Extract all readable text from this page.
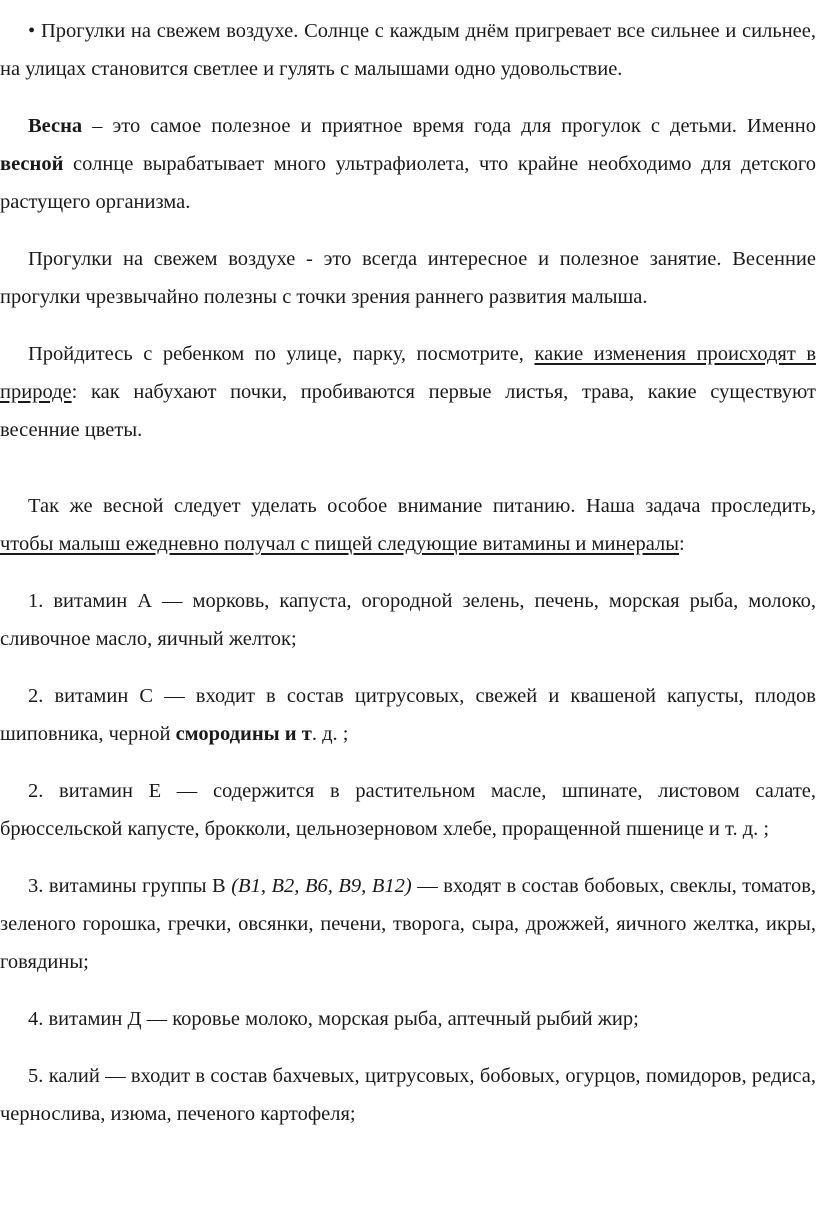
• Прогулки на свежем воздухе. Солнце с каждым днём пригревает все сильнее и сильнее, на улицах становится светлее и гулять с малышами одно удовольствие.

Весна – это самое полезное и приятное время года для прогулок с детьми. Именно весной солнце вырабатывает много ультрафиолета, что крайне необходимо для детского растущего организма.

Прогулки на свежем воздухе - это всегда интересное и полезное занятие. Весенние прогулки чрезвычайно полезны с точки зрения раннего развития малыша.

Пройдитесь с ребенком по улице, парку, посмотрите, какие изменения происходят в природе: как набухают почки, пробиваются первые листья, трава, какие существуют весенние цветы.

Так же весной следует уделать особое внимание питанию. Наша задача проследить, чтобы малыш ежедневно получал с пищей следующие витамины и минералы:

1. витамин А — морковь, капуста, огородной зелень, печень, морская рыба, молоко, сливочное масло, яичный желток;

2. витамин С — входит в состав цитрусовых, свежей и квашеной капусты, плодов шиповника, черной смородины и т. д. ;

2. витамин Е — содержится в растительном масле, шпинате, листовом салате, брюссельской капусте, брокколи, цельнозерновом хлебе, проращенной пшенице и т. д. ;

3. витамины группы В (В1, В2, В6, В9, В12) — входят в состав бобовых, свеклы, томатов, зеленого горошка, гречки, овсянки, печени, творога, сыра, дрожжей, яичного желтка, икры, говядины;

4. витамин Д — коровье молоко, морская рыба, аптечный рыбий жир;

5. калий — входит в состав бахчевых, цитрусовых, бобовых, огурцов, помидоров, редиса, чернослива, изюма, печеного картофеля;
